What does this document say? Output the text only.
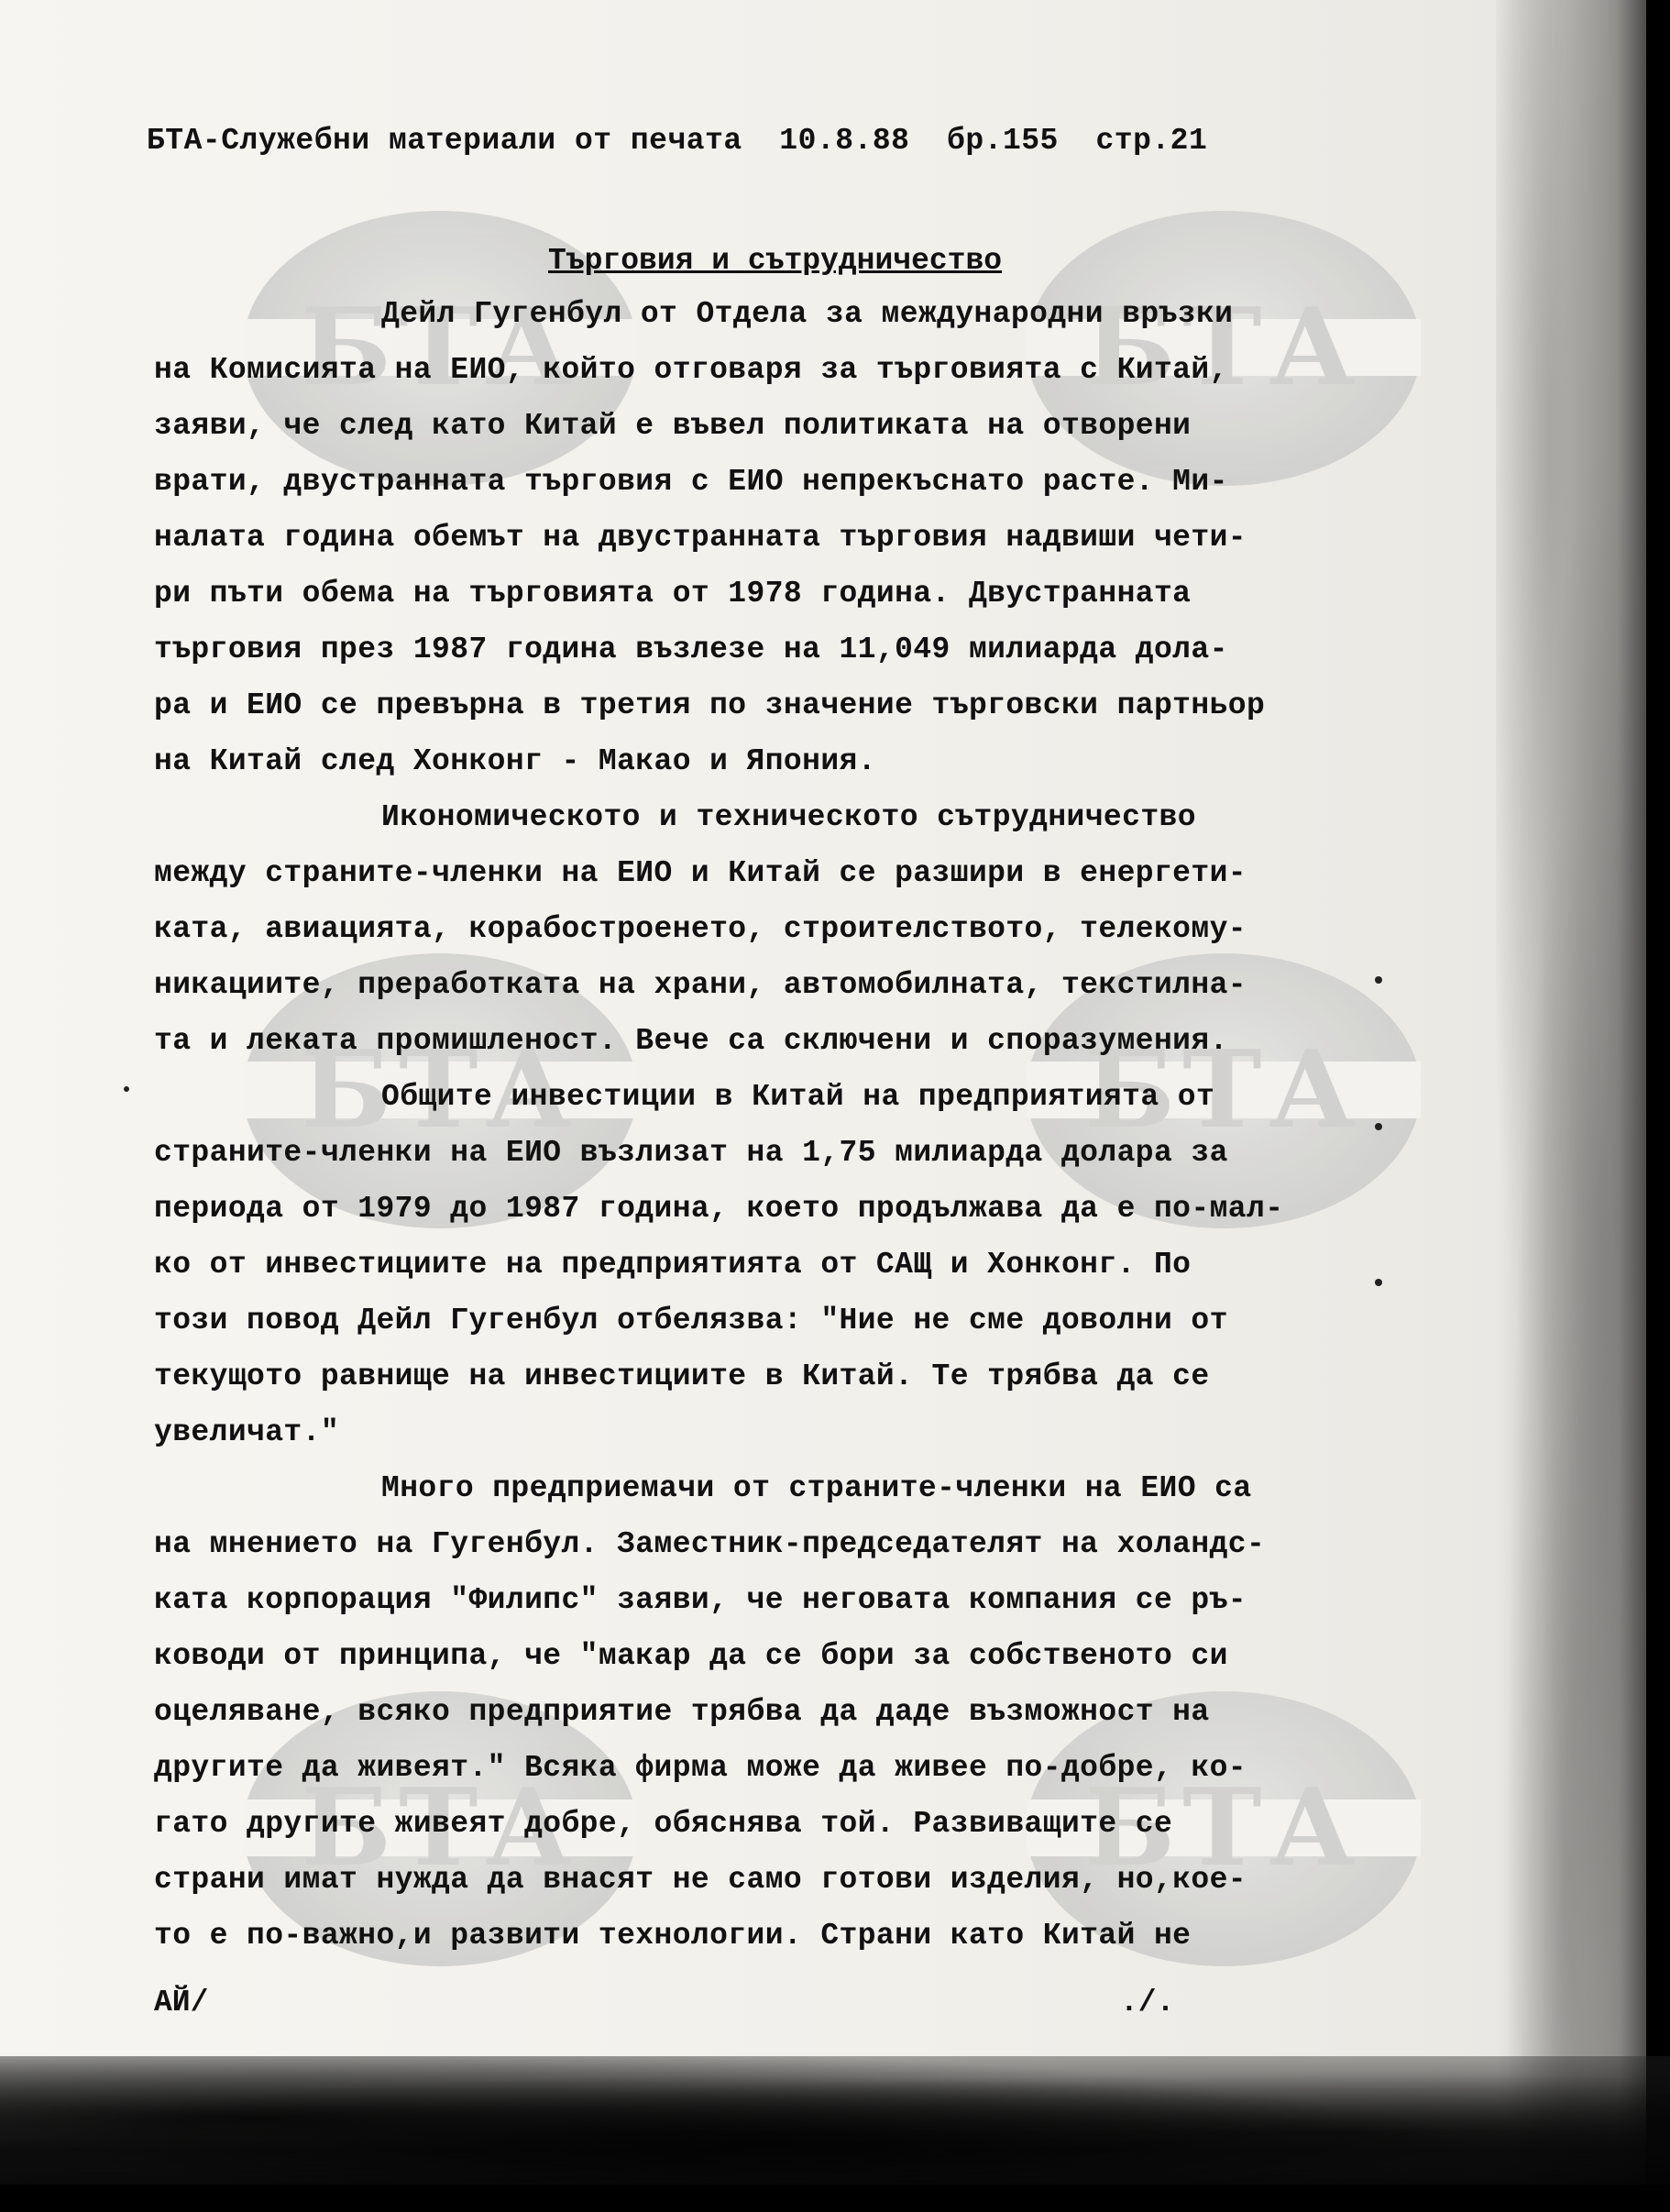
БТА	БТА
БТА	БТА
БТА	БТА
БТА-Служебни материали от печата  10.8.88  бр.155  стр.21
Търговия и сътрудничество
Дейл Гугенбул от Отдела за международни връзки
на Комисията на ЕИО, който отговаря за търговията с Китай,
заяви, че след като Китай е въвел политиката на отворени
врати, двустранната търговия с ЕИО непрекъснато расте. Ми-
налата година обемът на двустранната търговия надвиши чети-
ри пъти обема на търговията от 1978 година. Двустранната
търговия през 1987 година възлезе на 11,049 милиарда дола-
ра и ЕИО се превърна в третия по значение търговски партньор
на Китай след Хонконг - Макао и Япония.
Икономическото и техническото сътрудничество
между страните-членки на ЕИО и Китай се разшири в енергети-
ката, авиацията, корабостроенето, строителството, телекому-
никациите, преработката на храни, автомобилната, текстилна-
та и леката промишленост. Вече са сключени и споразумения.
Общите инвестиции в Китай на предприятията от
страните-членки на ЕИО възлизат на 1,75 милиарда долара за
периода от 1979 до 1987 година, което продължава да е по-мал-
ко от инвестициите на предприятията от САЩ и Хонконг. По
този повод Дейл Гугенбул отбелязва: "Ние не сме доволни от
текущото равнище на инвестициите в Китай. Те трябва да се
увеличат."
Много предприемачи от страните-членки на ЕИО са
на мнението на Гугенбул. Заместник-председателят на холандс-
ката корпорация "Филипс" заяви, че неговата компания се ръ-
ководи от принципа, че "макар да се бори за собственото си
оцеляване, всяко предприятие трябва да даде възможност на
другите да живеят." Всяка фирма може да живее по-добре, ко-
гато другите живеят добре, обяснява той. Развиващите се
страни имат нужда да внасят не само готови изделия, но,кое-
то е по-важно,и развити технологии. Страни като Китай не
АЙ/	./.
